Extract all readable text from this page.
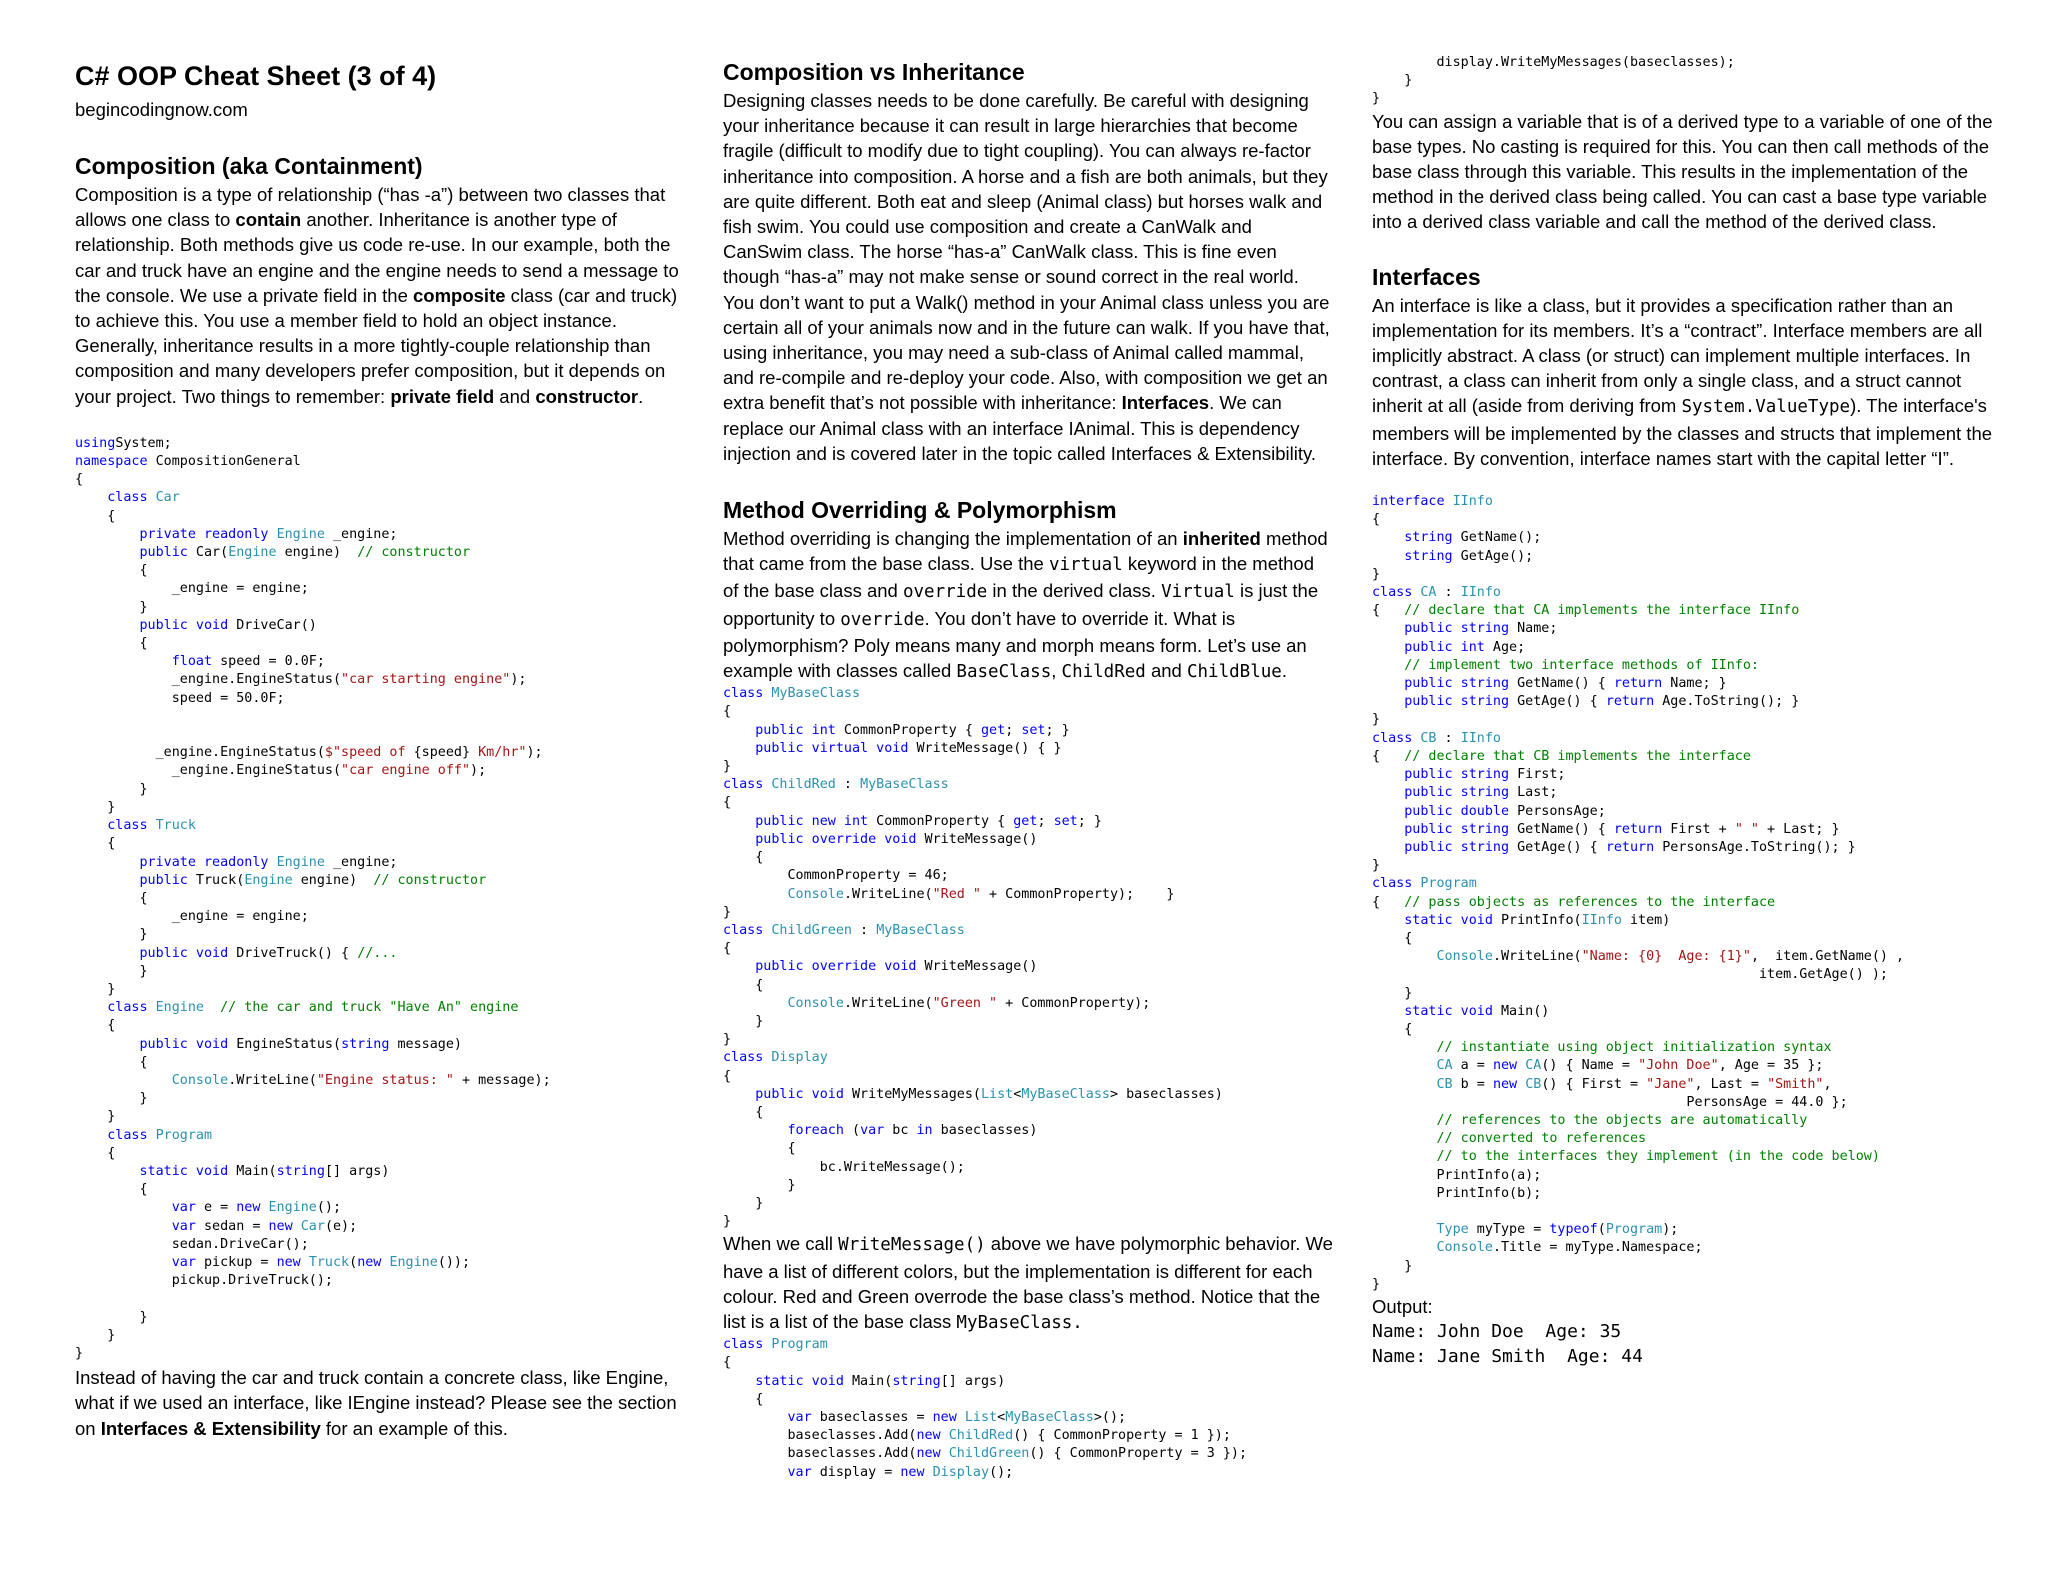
C# OOP Cheat Sheet (3 of 4)
begincodingnow.com
Composition (aka Containment)

Composition is a type of relationship (“has -a”) between two classes that allows one class to contain another. Inheritance is another type of relationship. Both methods give us code re-use. In our example, both the car and truck have an engine and the engine needs to send a message to the console. We use a private field in the composite class (car and truck) to achieve this. You use a member field to hold an object instance. Generally, inheritance results in a more tightly-couple relationship than composition and many developers prefer composition, but it depends on your project. Two things to remember: private field and constructor.

usingSystem;
namespace CompositionGeneral
{
class Car
{
private readonly Engine _engine;
public Car(Engine engine)  // constructor
{
_engine = engine;
}
public void DriveCar()
{
float speed = 0.0F;
_engine.EngineStatus("car starting engine");
speed = 50.0F;

_engine.EngineStatus($"speed of {speed} Km/hr");
_engine.EngineStatus("car engine off");
}
}
class Truck
{
private readonly Engine _engine;
public Truck(Engine engine)  // constructor
{
_engine = engine;
}
public void DriveTruck() { //...
}
}
class Engine // the car and truck "Have An" engine
{
public void EngineStatus(string message)
{
Console.WriteLine("Engine status: " + message);
}
}
class Program
{
static void Main(string[] args)
{
var e = new Engine();
var sedan = new Car(e);
sedan.DriveCar();
var pickup = new Truck(new Engine());
pickup.DriveTruck();

}
}
}

Instead of having the car and truck contain a concrete class, like Engine, what if we used an interface, like IEngine instead? Please see the section on Interfaces & Extensibility for an example of this.

Composition vs Inheritance

Designing classes needs to be done carefully. Be careful with designing your inheritance because it can result in large hierarchies that become fragile (difficult to modify due to tight coupling). You can always re-factor inheritance into composition. A horse and a fish are both animals, but they are quite different. Both eat and sleep (Animal class) but horses walk and fish swim. You could use composition and create a CanWalk and CanSwim class. The horse “has-a” CanWalk class. This is fine even though “has-a” may not make sense or sound correct in the real world. You don’t want to put a Walk() method in your Animal class unless you are certain all of your animals now and in the future can walk. If you have that, using inheritance, you may need a sub-class of Animal called mammal, and re-compile and re-deploy your code. Also, with composition we get an extra benefit that’s not possible with inheritance: Interfaces. We can replace our Animal class with an interface IAnimal. This is dependency injection and is covered later in the topic called Interfaces & Extensibility.

Method Overriding & Polymorphism

Method overriding is changing the implementation of an inherited method that came from the base class. Use the virtual keyword in the method of the base class and override in the derived class. Virtual is just the opportunity to override. You don’t have to override it. What is polymorphism? Poly means many and morph means form. Let’s use an example with classes called BaseClass, ChildRed and ChildBlue.

class MyBaseClass
{
public int CommonProperty { get; set; }
public virtual void WriteMessage() { }
}
class ChildRed : MyBaseClass
{
public new int CommonProperty { get; set; }
public override void WriteMessage()
{
CommonProperty = 46;
Console.WriteLine("Red " + CommonProperty);    }
}
class ChildGreen : MyBaseClass
{
public override void WriteMessage()
{
Console.WriteLine("Green " + CommonProperty);
}
}
class Display
{
public void WriteMyMessages(List<MyBaseClass> baseclasses)
{
foreach (var bc in baseclasses)
{
bc.WriteMessage();
}
}
}

When we call WriteMessage() above we have polymorphic behavior. We have a list of different colors, but the implementation is different for each colour. Red and Green overrode the base class’s method. Notice that the list is a list of the base class MyBaseClass.

class Program
{
static void Main(string[] args)
{
var baseclasses = new List<MyBaseClass>();
baseclasses.Add(new ChildRed() { CommonProperty = 1 });
baseclasses.Add(new ChildGreen() { CommonProperty = 3 });
var display = new Display();
display.WriteMyMessages(baseclasses);
}
}

You can assign a variable that is of a derived type to a variable of one of the base types. No casting is required for this. You can then call methods of the base class through this variable. This results in the implementation of the method in the derived class being called. You can cast a base type variable into a derived class variable and call the method of the derived class.

Interfaces

An interface is like a class, but it provides a specification rather than an implementation for its members. It’s a “contract”. Interface members are all implicitly abstract. A class (or struct) can implement multiple interfaces. In contrast, a class can inherit from only a single class, and a struct cannot inherit at all (aside from deriving from System.ValueType). The interface's members will be implemented by the classes and structs that implement the interface. By convention, interface names start with the capital letter “I”.

interface IInfo
{
string GetName();
string GetAge();
}
class CA : IInfo
{   // declare that CA implements the interface IInfo
public string Name;
public int Age;
// implement two interface methods of IInfo:
public string GetName() { return Name; }
public string GetAge() { return Age.ToString(); }
}
class CB : IInfo
{   // declare that CB implements the interface
public string First;
public string Last;
public double PersonsAge;
public string GetName() { return First + " " + Last; }
public string GetAge() { return PersonsAge.ToString(); }
}
class Program
{   // pass objects as references to the interface
static void PrintInfo(IInfo item)
{
Console.WriteLine("Name: {0}  Age: {1}",  item.GetName() ,
item.GetAge() );
}
static void Main()
{
// instantiate using object initialization syntax
CA a = new CA() { Name = "John Doe", Age = 35 };
CB b = new CB() { First = "Jane", Last = "Smith",
PersonsAge = 44.0 };
// references to the objects are automatically
// converted to references
// to the interfaces they implement (in the code below)
PrintInfo(a);
PrintInfo(b);

Type myType = typeof(Program);
Console.Title = myType.Namespace;
}
}

Output:

Name: John Doe  Age: 35
Name: Jane Smith  Age: 44
